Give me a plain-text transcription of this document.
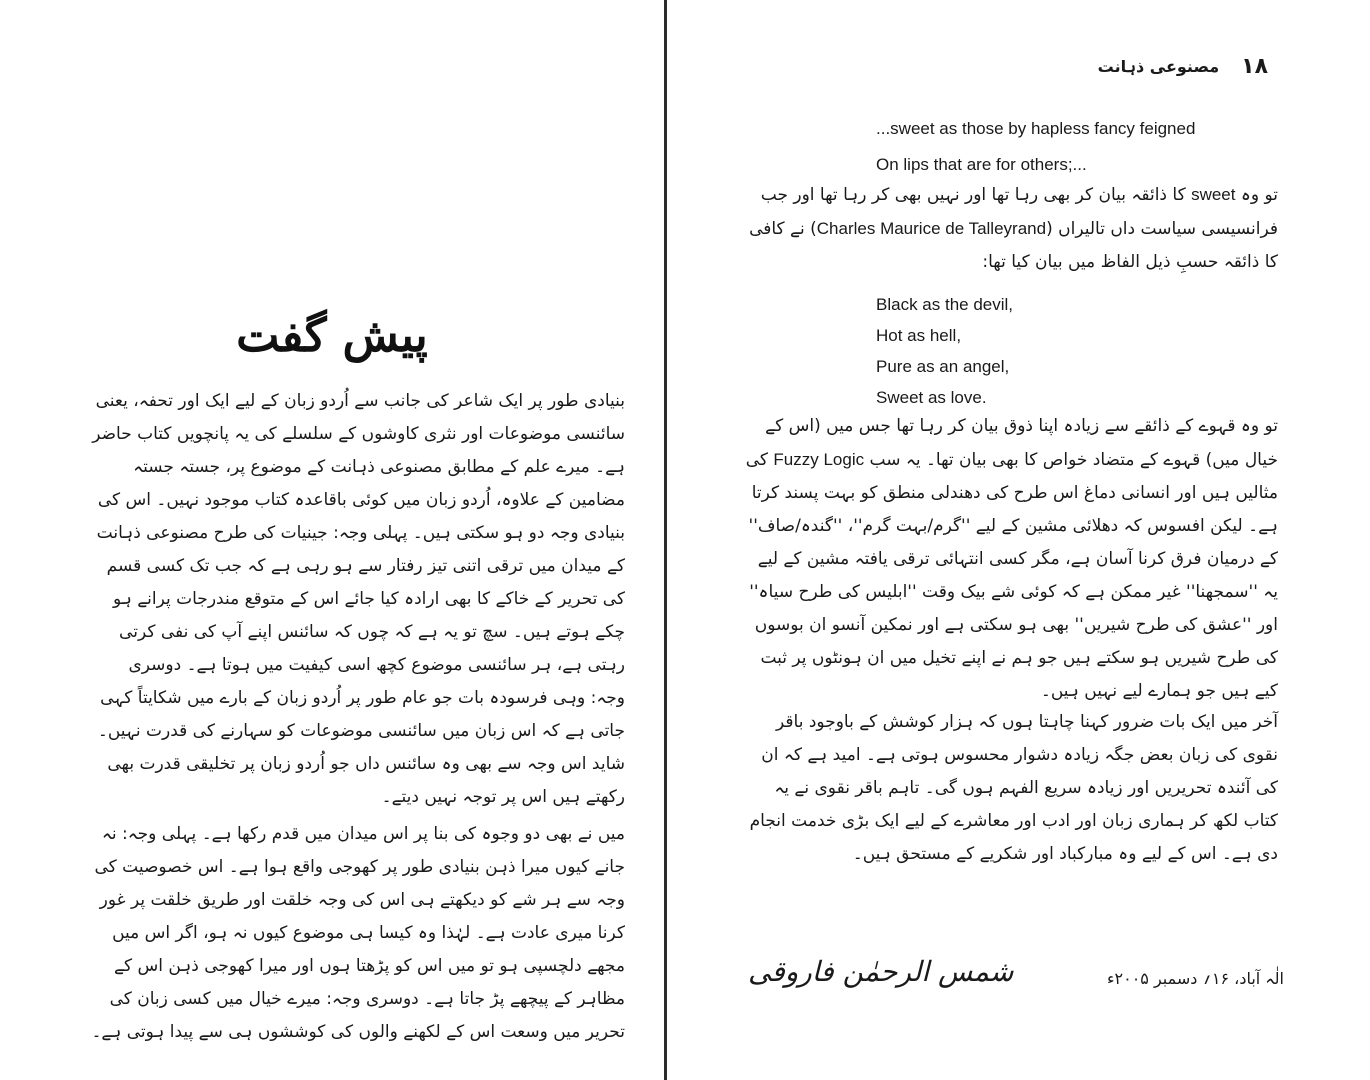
پیش گفت

بنیادی طور پر ایک شاعر کی جانب سے اُردو زبان کے لیے ایک اور تحفہ، یعنی سائنسی موضوعات اور نثری کاوشوں کے سلسلے کی یہ پانچویں کتاب حاضر ہے۔ میرے علم کے مطابق مصنوعی ذہانت کے موضوع پر، جستہ جستہ مضامین کے علاوہ، اُردو زبان میں کوئی باقاعدہ کتاب موجود نہیں۔ اس کی بنیادی وجہ دو ہو سکتی ہیں۔ پہلی وجہ: جینیات کی طرح مصنوعی ذہانت کے میدان میں ترقی اتنی تیز رفتار سے ہو رہی ہے کہ جب تک کسی قسم کی تحریر کے خاکے کا بھی ارادہ کیا جائے اس کے متوقع مندرجات پرانے ہو چکے ہوتے ہیں۔ سچ تو یہ ہے کہ چوں کہ سائنس اپنے آپ کی نفی کرتی رہتی ہے، ہر سائنسی موضوع کچھ اسی کیفیت میں ہوتا ہے۔ دوسری وجہ: وہی فرسودہ بات جو عام طور پر اُردو زبان کے بارے میں شکایتاً کہی جاتی ہے کہ اس زبان میں سائنسی موضوعات کو سہارنے کی قدرت نہیں۔ شاید اس وجہ سے بھی وہ سائنس داں جو اُردو زبان پر تخلیقی قدرت بھی رکھتے ہیں اس پر توجہ نہیں دیتے۔

میں نے بھی دو وجوہ کی بنا پر اس میدان میں قدم رکھا ہے۔ پہلی وجہ: نہ جانے کیوں میرا ذہن بنیادی طور پر کھوجی واقع ہوا ہے۔ اس خصوصیت کی وجہ سے ہر شے کو دیکھتے ہی اس کی وجہ خلقت اور طریق خلقت پر غور کرنا میری عادت ہے۔ لہٰذا وہ کیسا ہی موضوع کیوں نہ ہو، اگر اس میں مجھے دلچسپی ہو تو میں اس کو پڑھتا ہوں اور میرا کھوجی ذہن اس کے مظاہر کے پیچھے پڑ جاتا ہے۔ دوسری وجہ: میرے خیال میں کسی زبان کی تحریر میں وسعت اس کے لکھنے والوں کی کوششوں ہی سے پیدا ہوتی ہے۔

۱۸
مصنوعی ذہانت
...sweet as those by hapless fancy feigned
On lips that are for others;...

تو وہ sweet کا ذائقہ بیان کر بھی رہا تھا اور نہیں بھی کر رہا تھا اور جب فرانسیسی سیاست داں تالیراں (Charles Maurice de Talleyrand) نے کافی کا ذائقہ حسبِ ذیل الفاظ میں بیان کیا تھا:

Black as the devil,
Hot as hell,
Pure as an angel,
Sweet as love.

تو وہ قہوے کے ذائقے سے زیادہ اپنا ذوق بیان کر رہا تھا جس میں (اس کے خیال میں) قہوے کے متضاد خواص کا بھی بیان تھا۔ یہ سب Fuzzy Logic کی مثالیں ہیں اور انسانی دماغ اس طرح کی دھندلی منطق کو بہت پسند کرتا ہے۔ لیکن افسوس کہ دھلائی مشین کے لیے ''گرم/بہت گرم''، ''گندہ/صاف'' کے درمیان فرق کرنا آسان ہے، مگر کسی انتہائی ترقی یافتہ مشین کے لیے یہ ''سمجھنا'' غیر ممکن ہے کہ کوئی شے بیک وقت ''ابلیس کی طرح سیاہ'' اور ''عشق کی طرح شیریں'' بھی ہو سکتی ہے اور نمکین آنسو ان بوسوں کی طرح شیریں ہو سکتے ہیں جو ہم نے اپنے تخیل میں ان ہونٹوں پر ثبت کیے ہیں جو ہمارے لیے نہیں ہیں۔

آخر میں ایک بات ضرور کہنا چاہتا ہوں کہ ہزار کوشش کے باوجود باقر نقوی کی زبان بعض جگہ زیادہ دشوار محسوس ہوتی ہے۔ امید ہے کہ ان کی آئندہ تحریریں اور زیادہ سریع الفہم ہوں گی۔ تاہم باقر نقوی نے یہ کتاب لکھ کر ہماری زبان اور ادب اور معاشرے کے لیے ایک بڑی خدمت انجام دی ہے۔ اس کے لیے وہ مبارکباد اور شکریے کے مستحق ہیں۔

شمس الرحمٰن فاروقی	الٰہ آباد، ۱۶؍ دسمبر ۲۰۰۵ء
